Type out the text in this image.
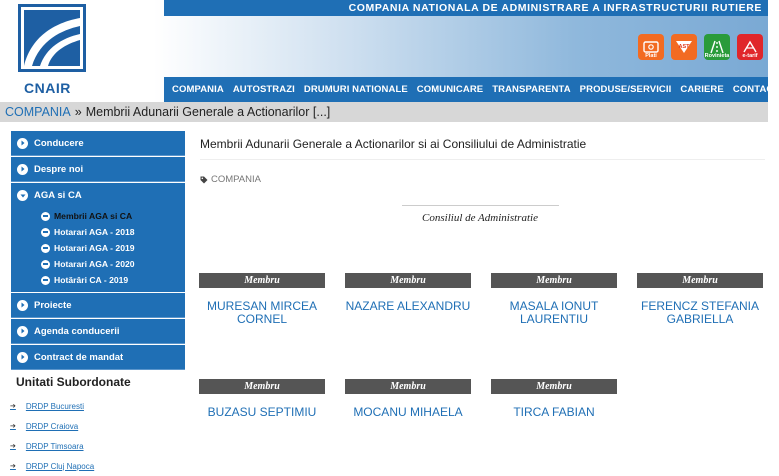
COMPANIA NATIONALA DE ADMINISTRARE A INFRASTRUCTURII RUTIERE
CNAIR
Plati
AST
Rovinieta	e-tarif
COMPANIA AUTOSTRAZI DRUMURI NATIONALE COMUNICARE TRANSPARENTA PRODUSE/SERVICII CARIERE CONTACT
COMPANIA » Membrii Adunarii Generale a Actionarilor [...]
Conducere
Despre noi
AGA si CA
Membrii AGA si CA
Hotarari AGA - 2018
Hotarari AGA - 2019
Hotarari AGA - 2020
Hotărâri CA - 2019
Proiecte
Agenda conducerii
Contract de mandat
Unitati Subordonate
➔ DRDP Bucuresti
➔ DRDP Craiova
➔ DRDP Timsoara
➔ DRDP Cluj Napoca
Membrii Adunarii Generale a Actionarilor si ai Consiliului de Administratie
COMPANIA
Consiliul de Administratie
Membru
MURESAN MIRCEA CORNEL
Membru
NAZARE ALEXANDRU
Membru
MASALA IONUT LAURENTIU
Membru
FERENCZ STEFANIA GABRIELLA
Membru
BUZASU SEPTIMIU
Membru
MOCANU MIHAELA
Membru
TIRCA FABIAN
